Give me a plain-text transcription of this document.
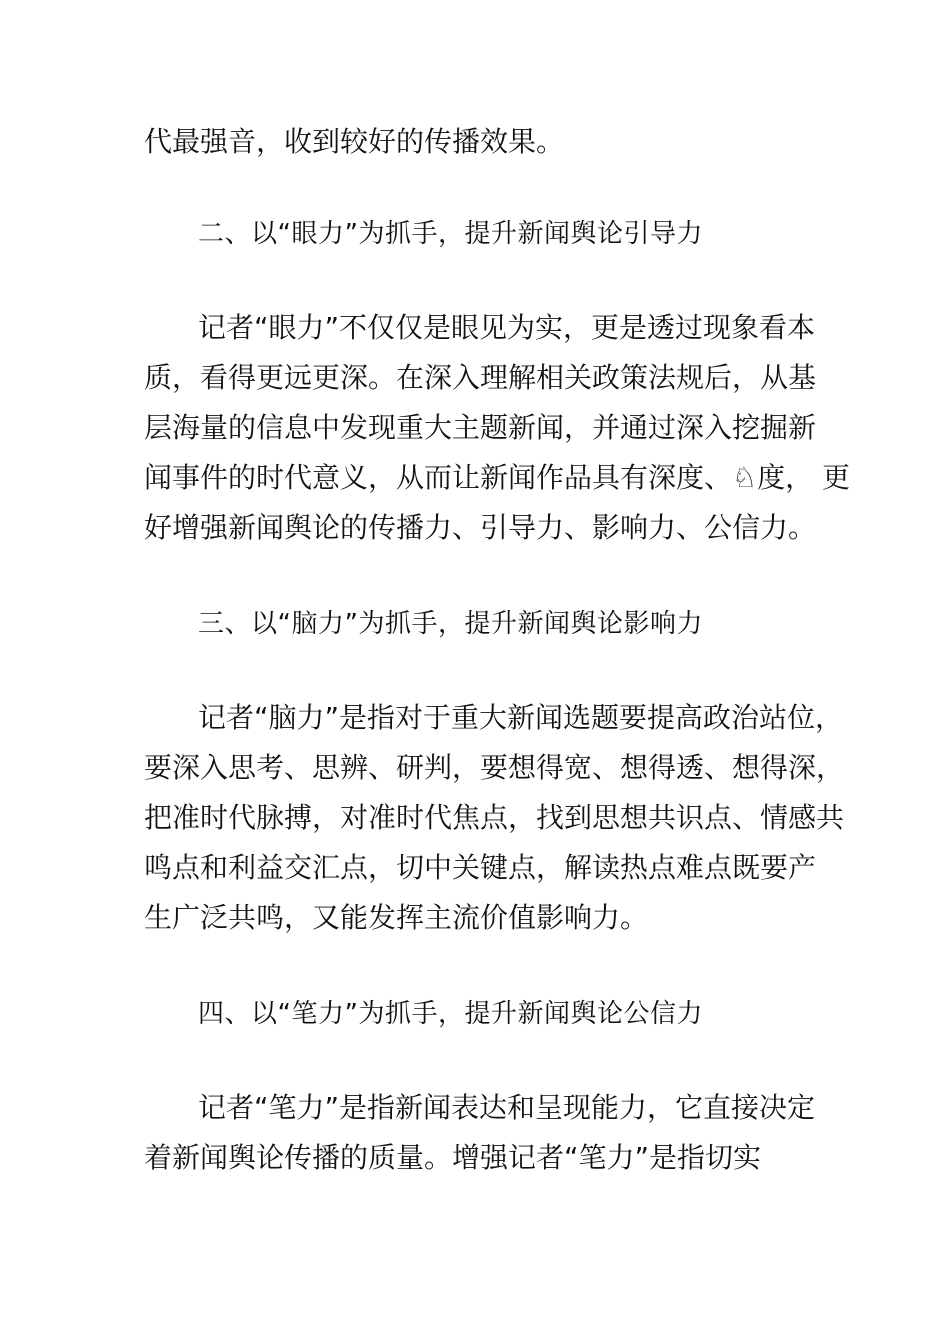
代最强音，收到较好的传播效果。
二、以“眼力”为抓手，提升新闻舆论引导力
记者“眼力”不仅仅是眼见为实，更是透过现象看本
质，看得更远更深。在深入理解相关政策法规后，从基
层海量的信息中发现重大主题新闻，并通过深入挖掘新
闻事件的时代意义，从而让新闻作品具有深度、♘度， 更
好增强新闻舆论的传播力、引导力、影响力、公信力。
三、以“脑力”为抓手，提升新闻舆论影响力
记者“脑力”是指对于重大新闻选题要提高政治站位，
要深入思考、思辨、研判，要想得宽、想得透、想得深，
把准时代脉搏，对准时代焦点，找到思想共识点、情感共
鸣点和利益交汇点，切中关键点，解读热点难点既要产
生广泛共鸣，又能发挥主流价值影响力。
四、以“笔力”为抓手，提升新闻舆论公信力
记者“笔力”是指新闻表达和呈现能力，它直接决定
着新闻舆论传播的质量。增强记者“笔力”是指切实
